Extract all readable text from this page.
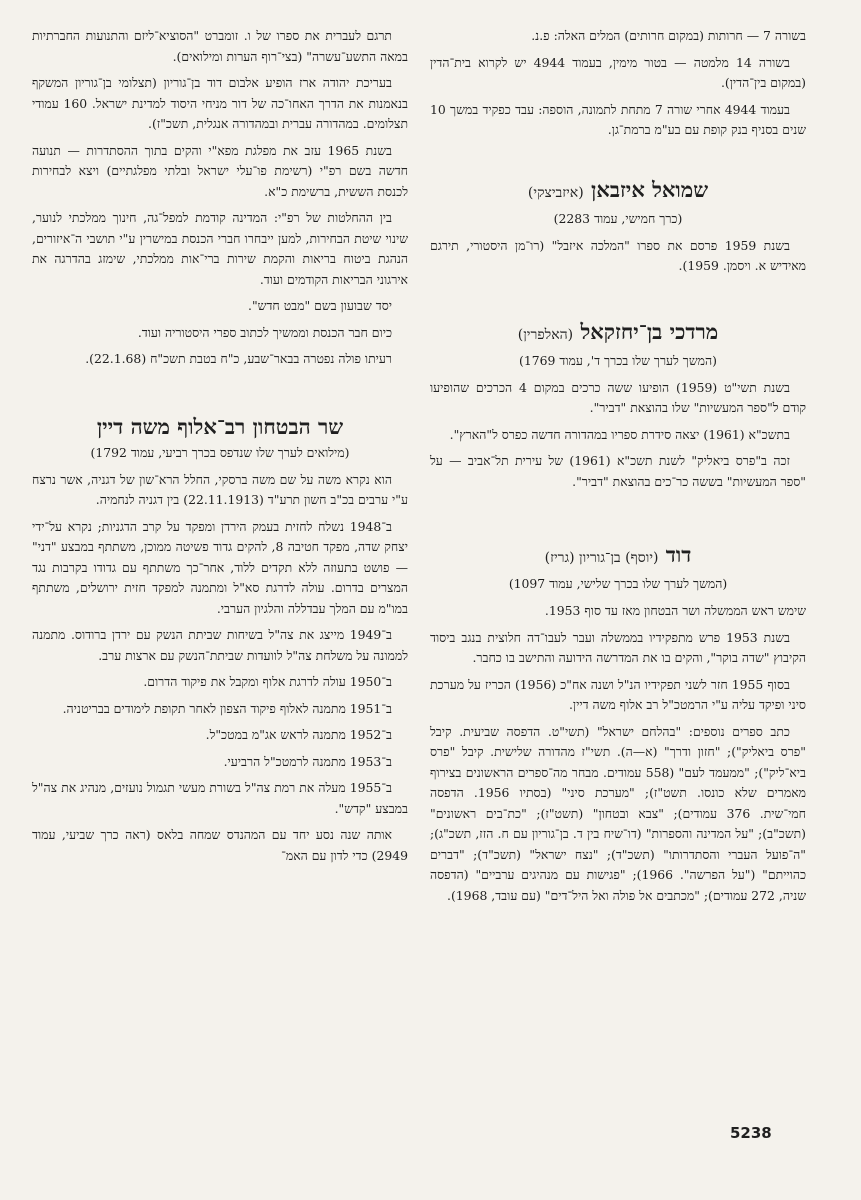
בשורה 7 — חרותות (במקום חרותים) המלים האלה: פ.נ.

בשורה 14 מלמטה — בטור מימין, בעמוד 4944 יש לקרוא בית־הדין (במקום בין־הדין).

בעמוד 4944 אחרי שורה 7 מתחת לתמונה, הוספה: עבד כפקיד במשך 10 שנים בסניף בנק קופת עם בע"מ ברמת־גן.

שמואל איזבאן (איזביצקי)
(כרך חמישי, עמוד 2283)

בשנת 1959 פרסם את ספרו "המלכה איזבל" (רו־מן היסטורי, תירגם מאידיש א. ויסמן. 1959).

מרדכי בן־יחזקאל (האלפרין)
(המשך לערך שלו בכרך ד', עמוד 1769)

בשנת תשי"ט (1959) הופיעו ששה כרכים במקום 4 הכרכים שהופיעו קודם ל"ספר המעשיות" שלו בהוצאת "דביר".

בתשכ"א (1961) יצאה סידרת ספריו במהדורה חדשה כפרס ל"הארץ".

זכה ב"פרס ביאליק" לשנת תשכ"א (1961) של עירית תל־אביב — על "ספר המעשיות" בששה כר־כים בהוצאת "דביר".

דוד (יוסף) בן־גוריון (גריז)
(המשך לערך שלו בכרך שלישי, עמוד 1097)

שימש ראש הממשלה ושר הבטחון מאז עד סוף 1953.

בשנת 1953 פרש מתפקידיו בממשלה ועבר לעבו־דה חלוצית בנגב ביסוד הקיבוץ "שדה בוקר", והקים בו את המדרשה הידועה והתישב בו כחבר.

בסוף 1955 חזר לשני תפקידיו הנ"ל ושנה אח"כ (1956) הכריז על מערכת סיני ופיקד עליה ע"י הרמטכ"ל רב אלוף משה דיין.

כתב ספרים נוספים: "בהלחם ישראל" (תשי"ט. הדפסה שביעית. קיבל "פרס ביאליק"); "חזון ודרך" (א—ה). תשי"ז מהדורה שלישית. קיבל "פרס ביא־ליק"); "ממעמד לעם" (558 עמודים. מבחר מה־ספרים הראשונים בצירוף מאמרים שלא כונסו. תשט"ז); "מערכת סיני" (בסתיו 1956. הדפסה חמי־שית. 376 עמודים); "צבא ובטחון" (תשט"ז); "כת־בים ראשונים" (תשכ"ב); "על המדינה והספרות" (דו־שיח בין ד. בן־גוריון עם ח. הזז, תשכ"ג); "ה־פועל העברי והסתדרותו" (תשכ"ד); "נצח ישראל" (תשכ"ד); "דברים כהוייתם" ("על הפרשה". 1966); "פגישות עם מנהיגים ערביים" (הדפסה שניה, 272 עמודים); "מכתבים אל פולה ואל היל־דים" (עם עובד, 1968).

תרגם לעברית את ספרו של ו. זומברט "הסוציא־ליזם והתנועות החברתיות במאה התשע־עשרה" (בצי־רוף הערות ומילואים).

בעריכת יהודה ארז הופיע אלבום דוד בן־גוריון (תצלומי בן־גוריון המשקף בנאמנות את הדרך האחו־כה של דור מניחי היסוד למדינת ישראל. 160 עמודי תצלומים. במהדורה עברית ובמהדורה אנגלית, תשכ"ז).

בשנת 1965 עזב את מפלגת מפא"י והקים בתוך ההסתדרות — תנועה חדשה בשם רפ"י (רשימת פו־עלי ישראל ובלתי מפלגתיים) ויצא לבחירות לכנסת הששית, ברשימת כ"א.

בין ההחלטות של רפ"י: המדינה קודמת למפל־גה, חינוך ממלכתי לנוער, שינוי שיטת הבחירות, למען ייבחרו חברי הכנסת במישרין ע"י תושבי ה־איזורים, הנהגת ביטוח בריאות והקמת שירות ברי־אות ממלכתי, שימזג בהדרגה את אירגוני הבריאות הקודמים ועוד.

יסד שבועון בשם "מבט חדש".

כיום חבר הכנסת וממשיך לכתוב ספרי היסטוריה ועוד.

רעיתו פולה נפטרה בבאר־שבע, כ"ח בטבת תשכ"ח (22.1.68).

שר הבטחון רב־אלוף משה דיין
(מילואים לערך שלו שנדפס בכרך רביעי, עמוד 1792)

הוא נקרא משה על שם משה ברסקי, החלל הרא־שון של דגניה, אשר נרצח ע"י ערבים בכ"ב חשון תרע"ד (22.11.1913) בין דגניה לנחמיה.

ב־1948 נשלח לחזית בעמק הירדן ומפקד על קרב הדגניות; נקרא על־ידי יצחק שדה, מפקד חטיבה 8, להקים גדוד פשיטה ממוכן, משתתף במבצע "דני" — פושט בתעוזה ללא תקדים ללוד, אחר־כך משתתף עם גדודו בקרבות נגד המצרים בדרום. עולה לדרגת סא"ל ומתמנה למפקד חזית ירושלים, משתתף במו"מ עם המלך עבדללה והלגיון הערבי.

ב־1949 מייצג את צה"ל בשיחות שביתת הנשק עם ירדן ברודוס. מתמנה לממונה על משלחת צה"ל לוועדות שביתת־הנשק עם ארצות ערב.

ב־1950 עולה לדרגת אלוף ומקבל את פיקוד הדרום.

ב־1951 מתמנה לאלוף פיקוד הצפון לאחר תקופת לימודים בבריטניה.

ב־1952 מתמנה לראש אג"מ במטכ"ל.

ב־1953 מתמנה לרמטכ"ל הרביעי.

ב־1955 מעלה את רמת צה"ל בשורת מעשי תגמול נועזים, מנהיג את צה"ל במבצע "קדש".

אותה שנה נסע יחד עם המהנדס שמחה בלאס (ראה כרך שביעי, עמוד 2949) כדי לדון עם האמ־

5238
